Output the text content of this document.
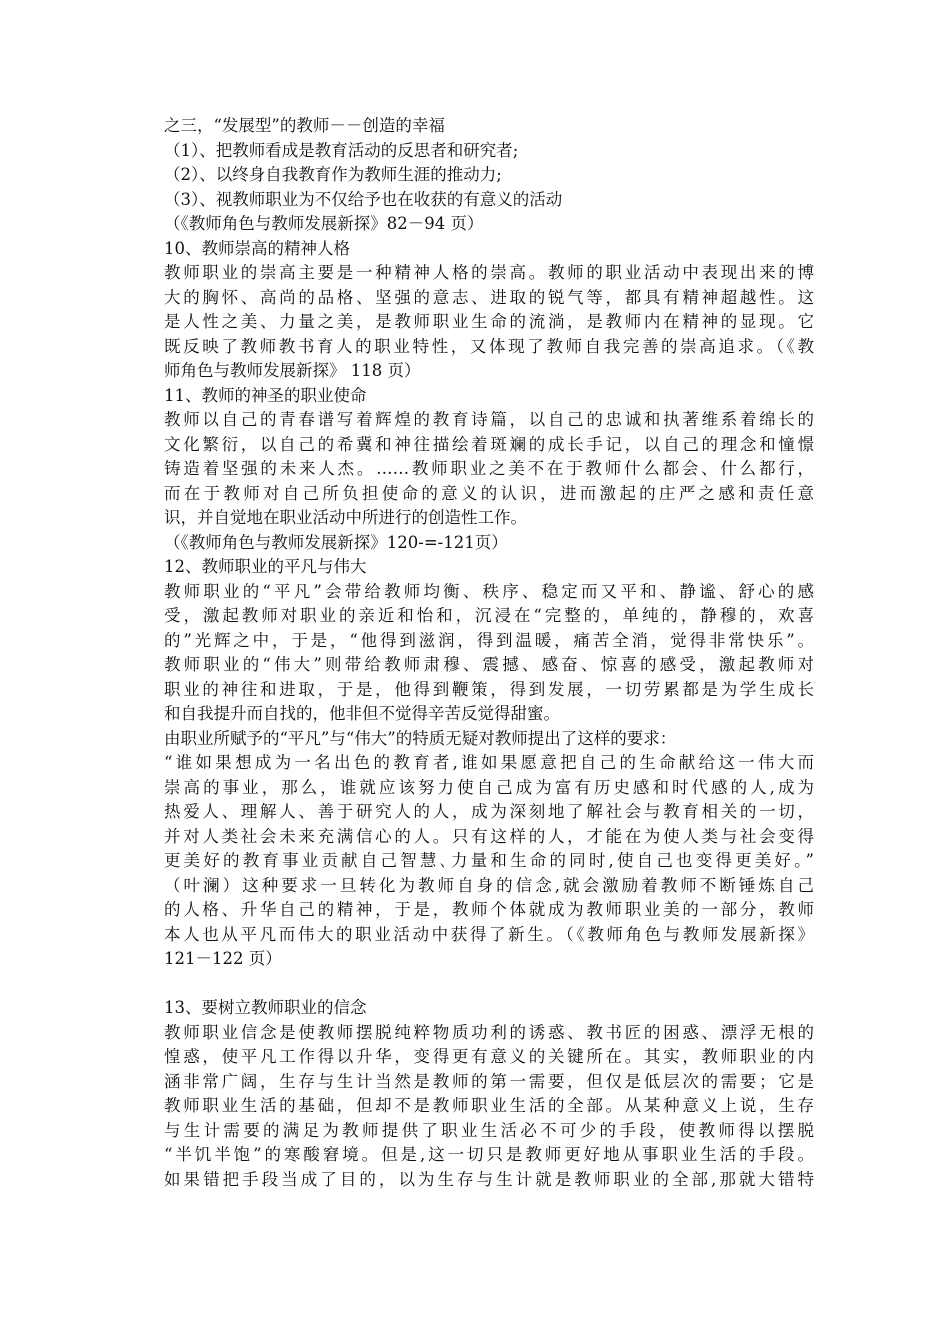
之三，“发展型”的教师－－创造的幸福
（1）、把教师看成是教育活动的反思者和研究者;
（2）、以终身自我教育作为教师生涯的推动力;
（3）、视教师职业为不仅给予也在收获的有意义的活动
（《教师角色与教师发展新探》82－94 页）
10、教师崇高的精神人格
教师职业的崇高主要是一种精神人格的崇高。教师的职业活动中表现出来的博
大的胸怀、高尚的品格、坚强的意志、进取的锐气等，都具有精神超越性。这
是人性之美、力量之美，是教师职业生命的流淌，是教师内在精神的显现。它
既反映了教师教书育人的职业特性，又体现了教师自我完善的崇高追求。（《教
师角色与教师发展新探》 118 页）
11、教师的神圣的职业使命
教师以自己的青春谱写着辉煌的教育诗篇，以自己的忠诚和执著维系着绵长的
文化繁衍，以自己的希冀和神往描绘着斑斓的成长手记，以自己的理念和憧憬
铸造着坚强的未来人杰。……教师职业之美不在于教师什么都会、什么都行，
而在于教师对自己所负担使命的意义的认识，进而激起的庄严之感和责任意
识，并自觉地在职业活动中所进行的创造性工作。
（《教师角色与教师发展新探》120-=-121页）
12、教师职业的平凡与伟大
教师职业的“平凡”会带给教师均衡、秩序、稳定而又平和、静谧、舒心的感
受，激起教师对职业的亲近和怡和，沉浸在“完整的，单纯的，静穆的，欢喜
的”光辉之中，于是，“他得到滋润，得到温暖，痛苦全消，觉得非常快乐”。
教师职业的“伟大”则带给教师肃穆、震撼、感奋、惊喜的感受，激起教师对
职业的神往和进取，于是，他得到鞭策，得到发展，一切劳累都是为学生成长
和自我提升而自找的，他非但不觉得辛苦反觉得甜蜜。
由职业所赋予的“平凡”与“伟大”的特质无疑对教师提出了这样的要求：
“谁如果想成为一名出色的教育者,谁如果愿意把自己的生命献给这一伟大而
崇高的事业，那么，谁就应该努力使自己成为富有历史感和时代感的人,成为
热爱人、理解人、善于研究人的人，成为深刻地了解社会与教育相关的一切，
并对人类社会未来充满信心的人。只有这样的人，才能在为使人类与社会变得
更美好的教育事业贡献自己智慧､力量和生命的同时,使自己也变得更美好。”
（叶澜）这种要求一旦转化为教师自身的信念,就会激励着教师不断锤炼自己
的人格、升华自己的精神，于是，教师个体就成为教师职业美的一部分，教师
本人也从平凡而伟大的职业活动中获得了新生。（《教师角色与教师发展新探》
121－122 页）
13、要树立教师职业的信念
教师职业信念是使教师摆脱纯粹物质功利的诱惑、教书匠的困惑、漂浮无根的
惶惑，使平凡工作得以升华，变得更有意义的关键所在。其实，教师职业的内
涵非常广阔，生存与生计当然是教师的第一需要，但仅是低层次的需要；它是
教师职业生活的基础，但却不是教师职业生活的全部。从某种意义上说，生存
与生计需要的满足为教师提供了职业生活必不可少的手段，使教师得以摆脱
“半饥半饱”的寒酸窘境。但是,这一切只是教师更好地从事职业生活的手段。
如果错把手段当成了目的，以为生存与生计就是教师职业的全部,那就大错特
